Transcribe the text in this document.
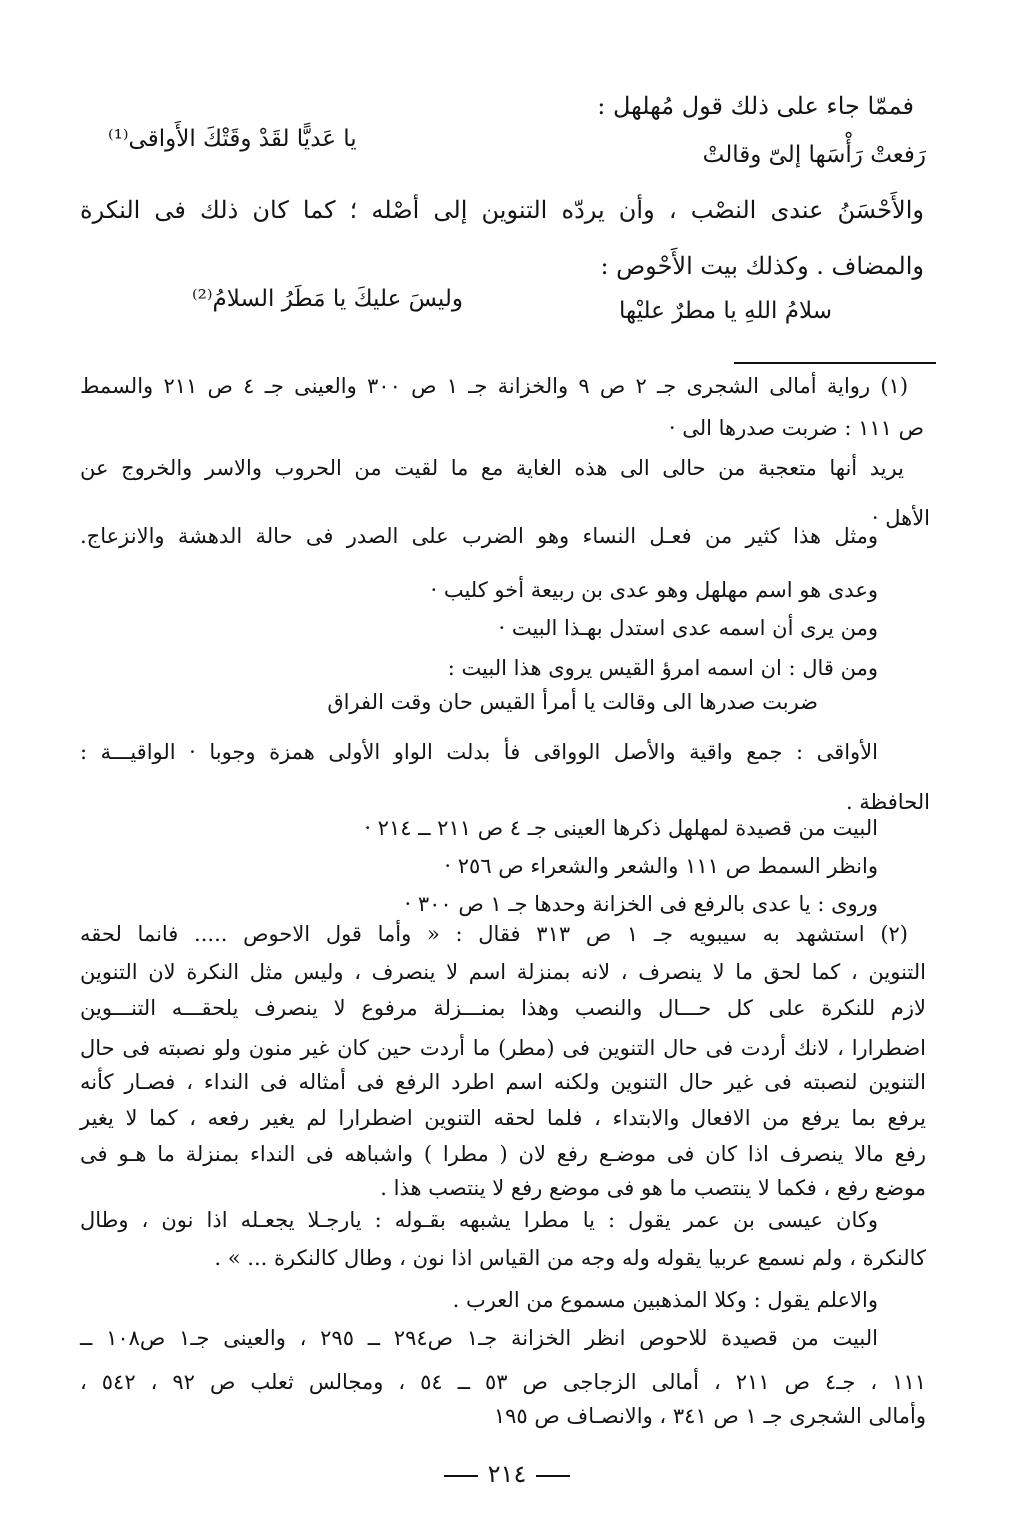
فممّا جاء على ذلك قول مُهلهل :
رَفعتْ رَأْسَها إلىّ وقالتْ
يا عَديًّا لقَدْ وقَتْكَ الأَواقى⁽¹⁾
والأَحْسَنُ عندى النصْب ، وأن يردّه التنوين إلى أصْله ؛ كما كان ذلك فى النكرة
والمضاف . وكذلك بيت الأَحْوص :
سلامُ اللهِ يا مطرٌ عليْها
وليسَ عليكَ يا مَطَرُ السلامُ⁽²⁾
(١) رواية أمالى الشجرى جـ ٢ ص ٩ والخزانة جـ ١ ص ٣٠٠ والعينى جـ ٤ ص ٢١١ والسمط
ص ١١١ : ضربت صدرها الى ·
يريد أنها متعجبة من حالى الى هذه الغاية مع ما لقيت من الحروب والاسر والخروج عن
الأهل ·
ومثل هذا كثير من فعـل النساء وهو الضرب على الصدر فى حالة الدهشة والانزعاج.
وعدى هو اسم مهلهل وهو عدى بن ربيعة أخو كليب ·
ومن يرى أن اسمه عدى استدل بهـذا البيت ·
ومن قال : ان اسمه امرؤ القيس يروى هذا البيت :
ضربت صدرها الى وقالت يا أمرأ القيس حان وقت الفراق
الأواقى : جمع واقية والأصل الوواقى فأ بدلت الواو الأولى همزة وجوبا · الواقيـــة :
الحافظة .
البيت من قصيدة لمهلهل ذكرها العينى جـ ٤ ص ٢١١ ــ ٢١٤ ·
وانظر السمط ص ١١١ والشعر والشعراء ص ٢٥٦ ·
وروى : يا عدى بالرفع فى الخزانة وحدها جـ ١ ص ٣٠٠ ·
(٢) استشهد به سيبويه جـ ١ ص ٣١٣ فقال : « وأما قول الاحوص ..... فانما لحقه
التنوين ، كما لحق ما لا ينصرف ، لانه بمنزلة اسم لا ينصرف ، وليس مثل النكرة لان التنوين
لازم للنكرة على كل حـــال والنصب وهذا بمنـــزلة مرفوع لا ينصرف يلحقـــه التنـــوين
اضطرارا ، لانك أردت فى حال التنوين فى (مطر) ما أردت حين كان غير منون ولو نصبته فى حال
التنوين لنصبته فى غير حال التنوين ولكنه اسم اطرد الرفع فى أمثاله فى النداء ، فصـار كأنه
يرفع بما يرفع من الافعال والابتداء ، فلما لحقه التنوين اضطرارا لم يغير رفعه ، كما لا يغير
رفع مالا ينصرف اذا كان فى موضـع رفع لان ( مطرا ) واشباهه فى النداء بمنزلة ما هـو فى
موضع رفع ، فكما لا ينتصب ما هو فى موضع رفع لا ينتصب هذا .
وكان عيسى بن عمر يقول : يا مطرا يشبهه بقـوله : يارجـلا يجعـله اذا نون ، وطال
كالنكرة ، ولم نسمع عربيا يقوله وله وجه من القياس اذا نون ، وطال كالنكرة ... » .
والاعلم يقول : وكلا المذهبين مسموع من العرب .
البيت من قصيدة للاحوص انظر الخزانة جـ١ ص٢٩٤ ــ ٢٩٥ ، والعينى جـ١ ص١٠٨ ــ
١١١ ، جـ٤ ص ٢١١ ، أمالى الزجاجى ص ٥٣ ــ ٥٤ ، ومجالس ثعلب ص ٩٢ ، ٥٤٢ ،
وأمالى الشجرى جـ ١ ص ٣٤١ ، والانصـاف ص ١٩٥
٢١٤
